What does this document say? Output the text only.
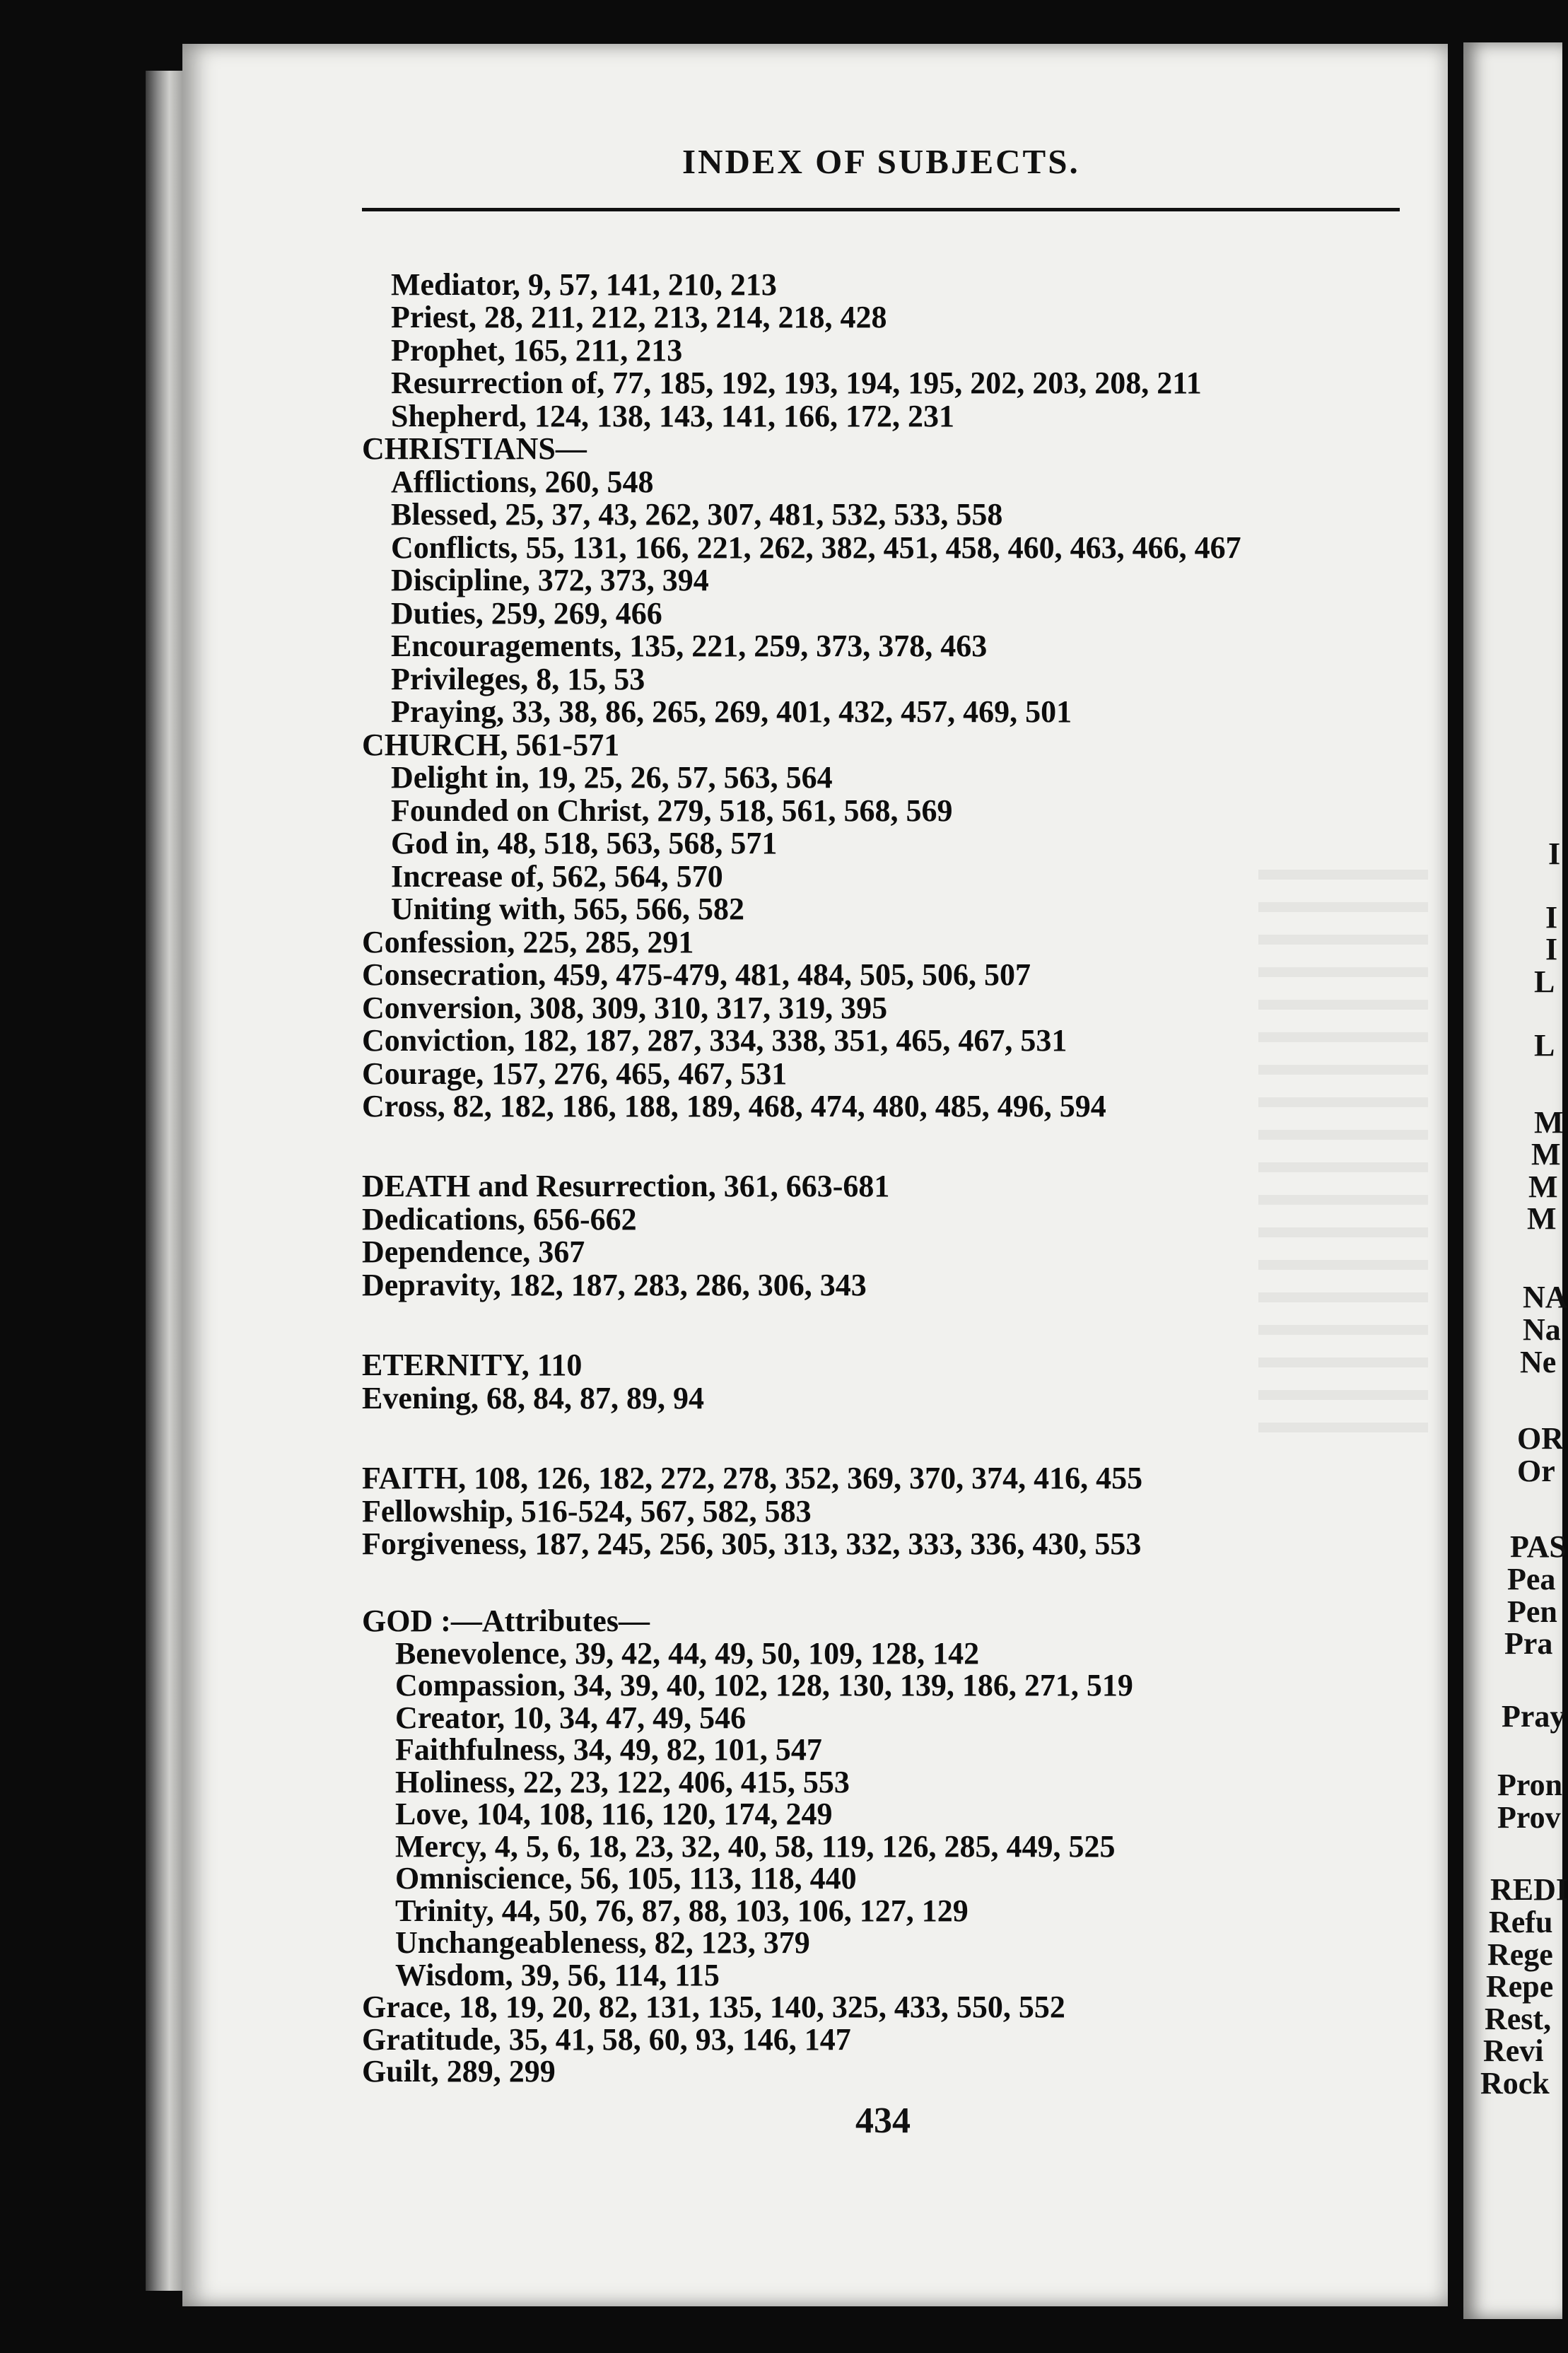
INDEX OF SUBJECTS.
Mediator, 9, 57, 141, 210, 213
Priest, 28, 211, 212, 213, 214, 218, 428
Prophet, 165, 211, 213
Resurrection of, 77, 185, 192, 193, 194, 195, 202, 203, 208, 211
Shepherd, 124, 138, 143, 141, 166, 172, 231
CHRISTIANS—
Afflictions, 260, 548
Blessed, 25, 37, 43, 262, 307, 481, 532, 533, 558
Conflicts, 55, 131, 166, 221, 262, 382, 451, 458, 460, 463, 466, 467
Discipline, 372, 373, 394
Duties, 259, 269, 466
Encouragements, 135, 221, 259, 373, 378, 463
Privileges, 8, 15, 53
Praying, 33, 38, 86, 265, 269, 401, 432, 457, 469, 501
CHURCH, 561-571
Delight in, 19, 25, 26, 57, 563, 564
Founded on Christ, 279, 518, 561, 568, 569
God in, 48, 518, 563, 568, 571
Increase of, 562, 564, 570
Uniting with, 565, 566, 582
Confession, 225, 285, 291
Consecration, 459, 475-479, 481, 484, 505, 506, 507
Conversion, 308, 309, 310, 317, 319, 395
Conviction, 182, 187, 287, 334, 338, 351, 465, 467, 531
Courage, 157, 276, 465, 467, 531
Cross, 82, 182, 186, 188, 189, 468, 474, 480, 485, 496, 594
DEATH and Resurrection, 361, 663-681
Dedications, 656-662
Dependence, 367
Depravity, 182, 187, 283, 286, 306, 343
ETERNITY, 110
Evening, 68, 84, 87, 89, 94
FAITH, 108, 126, 182, 272, 278, 352, 369, 370, 374, 416, 455
Fellowship, 516-524, 567, 582, 583
Forgiveness, 187, 245, 256, 305, 313, 332, 333, 336, 430, 553
GOD :—Attributes—
Benevolence, 39, 42, 44, 49, 50, 109, 128, 142
Compassion, 34, 39, 40, 102, 128, 130, 139, 186, 271, 519
Creator, 10, 34, 47, 49, 546
Faithfulness, 34, 49, 82, 101, 547
Holiness, 22, 23, 122, 406, 415, 553
Love, 104, 108, 116, 120, 174, 249
Mercy, 4, 5, 6, 18, 23, 32, 40, 58, 119, 126, 285, 449, 525
Omniscience, 56, 105, 113, 118, 440
Trinity, 44, 50, 76, 87, 88, 103, 106, 127, 129
Unchangeableness, 82, 123, 379
Wisdom, 39, 56, 114, 115
Grace, 18, 19, 20, 82, 131, 135, 140, 325, 433, 550, 552
Gratitude, 35, 41, 58, 60, 93, 146, 147
Guilt, 289, 299
434
I
I
I
L
L
M
M
M
M
NA
Na
Ne
OR
Or
PAS
Pea
Pen
Pra
Pray
Pron
Prov
REDI
Refu
Rege
Repe
Rest,
Revi
Rock
